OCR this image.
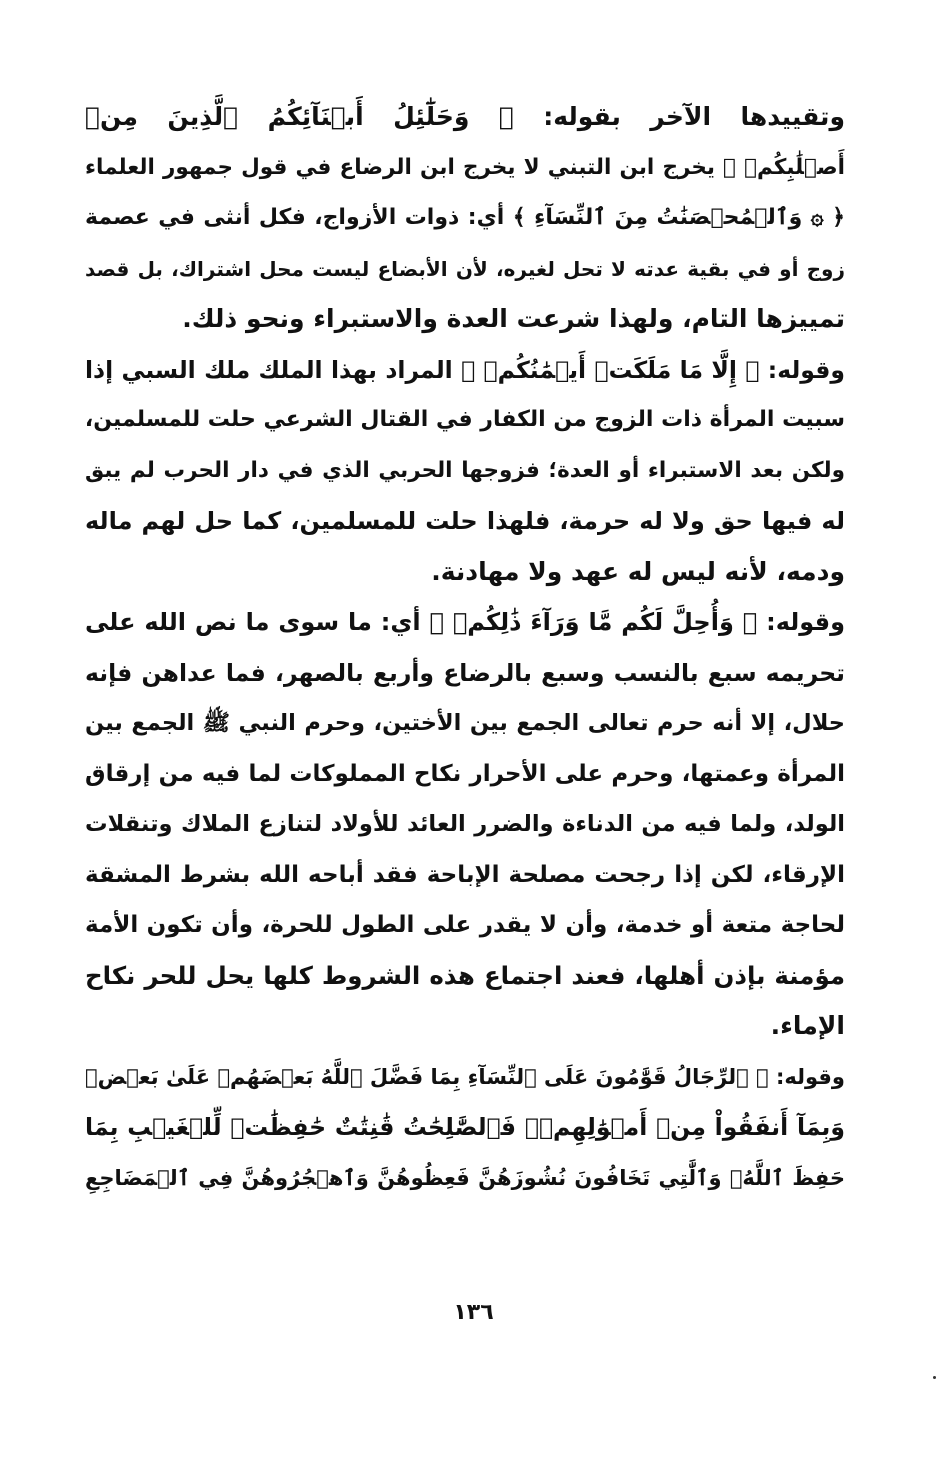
وتقييدها الآخر بقوله: ﴿ وَحَلَٰٓئِلُ أَبۡنَآئِكُمُ ٱلَّذِينَ مِنۡ
أَصۡلَٰبِكُمۡ ﴾ يخرج ابن التبني لا يخرج ابن الرضاع في قول جمهور العلماء
﴿ ۞ وَٱلۡمُحۡصَنَٰتُ مِنَ ٱلنِّسَآءِ ﴾ أي: ذوات الأزواج، فكل أنثى في عصمة
زوج أو في بقية عدته لا تحل لغيره، لأن الأبضاع ليست محل اشتراك، بل قصد
تمييزها التام، ولهذا شرعت العدة والاستبراء ونحو ذلك.
وقوله: ﴿ إِلَّا مَا مَلَكَتۡ أَيۡمَٰنُكُمۡ ﴾ المراد بهذا الملك ملك السبي إذا
سبيت المرأة ذات الزوج من الكفار في القتال الشرعي حلت للمسلمين،
ولكن بعد الاستبراء أو العدة؛ فزوجها الحربي الذي في دار الحرب لم يبق
له فيها حق ولا له حرمة، فلهذا حلت للمسلمين، كما حل لهم ماله
ودمه، لأنه ليس له عهد ولا مهادنة.
وقوله: ﴿ وَأُحِلَّ لَكُم مَّا وَرَآءَ ذَٰلِكُمۡ ﴾ أي: ما سوى ما نص الله على
تحريمه سبع بالنسب وسبع بالرضاع وأربع بالصهر، فما عداهن فإنه
حلال، إلا أنه حرم تعالى الجمع بين الأختين، وحرم النبي ﷺ الجمع بين
المرأة وعمتها، وحرم على الأحرار نكاح المملوكات لما فيه من إرقاق
الولد، ولما فيه من الدناءة والضرر العائد للأولاد لتنازع الملاك وتنقلات
الإرقاء، لكن إذا رجحت مصلحة الإباحة فقد أباحه الله بشرط المشقة
لحاجة متعة أو خدمة، وأن لا يقدر على الطول للحرة، وأن تكون الأمة
مؤمنة بإذن أهلها، فعند اجتماع هذه الشروط كلها يحل للحر نكاح
الإماء.
وقوله: ﴿ ٱلرِّجَالُ قَوَّٰمُونَ عَلَى ٱلنِّسَآءِ بِمَا فَضَّلَ ٱللَّهُ بَعۡضَهُمۡ عَلَىٰ بَعۡضٖ
وَبِمَآ أَنفَقُواْ مِنۡ أَمۡوَٰلِهِمۡۚ فَٱلصَّٰلِحَٰتُ قَٰنِتَٰتٌ حَٰفِظَٰتٞ لِّلۡغَيۡبِ بِمَا
حَفِظَ ٱللَّهُۚ وَٱلَّٰتِي تَخَافُونَ نُشُوزَهُنَّ فَعِظُوهُنَّ وَٱهۡجُرُوهُنَّ فِي ٱلۡمَضَاجِعِ
١٣٦
